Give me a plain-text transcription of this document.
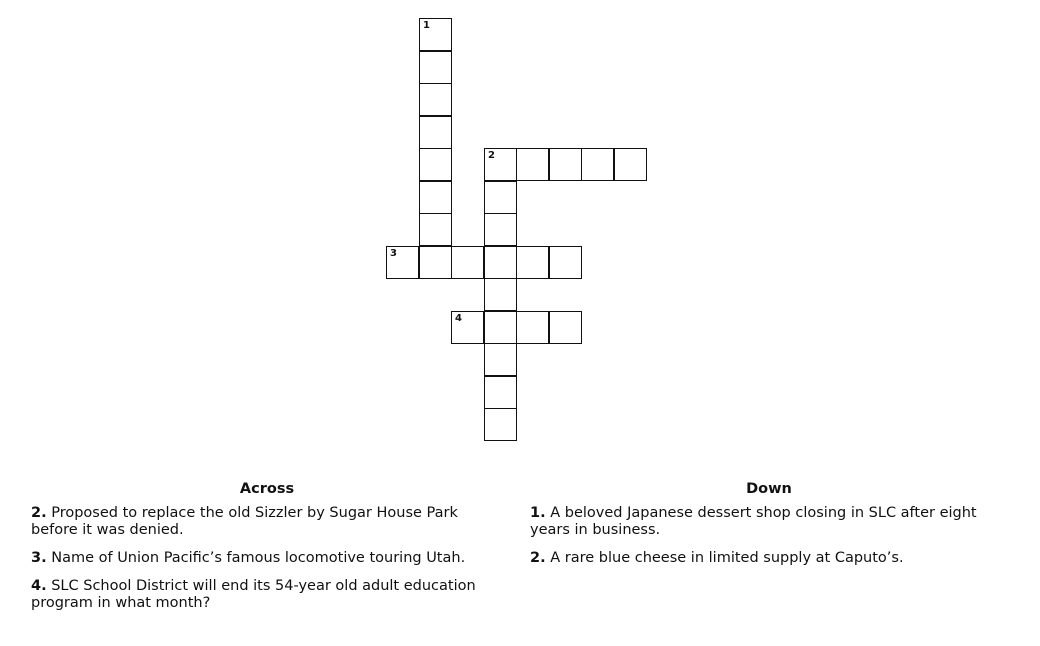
1
2
3
4
Across
2. Proposed to replace the old Sizzler by Sugar House Park before it was denied.
3. Name of Union Pacific’s famous locomotive touring Utah.
4. SLC School District will end its 54-year old adult education program in what month?
Down
1. A beloved Japanese dessert shop closing in SLC after eight years in business.
2. A rare blue cheese in limited supply at Caputo’s.
